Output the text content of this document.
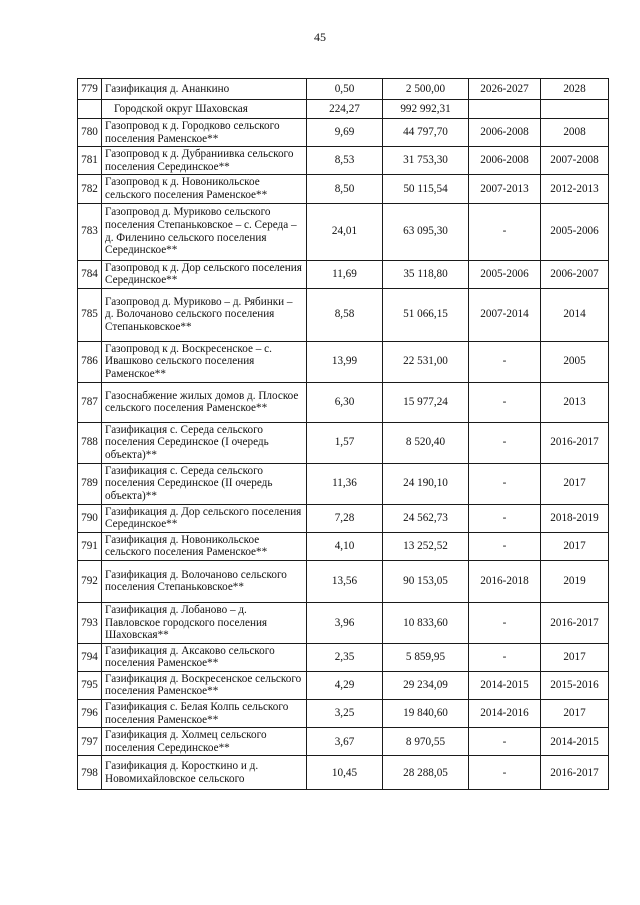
45
779	Газификация д. Ананкино	0,50	2 500,00	2026-2027	2028
	Городской округ Шаховская	224,27	992 992,31		
780	Газопровод к д. Городково сельского поселения Раменское**	9,69	44 797,70	2006-2008	2008
781	Газопровод к д. Дубраниивка сельского поселения Серединское**	8,53	31 753,30	2006-2008	2007-2008
782	Газопровод к д. Новоникольское сельского поселения Раменское**	8,50	50 115,54	2007-2013	2012-2013
783	Газопровод д. Муриково сельского поселения Степаньковское – с. Середа – д. Филенино сельского поселения Серединское**	24,01	63 095,30	-	2005-2006
784	Газопровод к д. Дор сельского поселения Серединское**	11,69	35 118,80	2005-2006	2006-2007
785	Газопровод д. Муриково – д. Рябинки – д. Волочаново сельского поселения Степаньковское**	8,58	51 066,15	2007-2014	2014
786	Газопровод к д. Воскресенское – с. Ивашково сельского поселения Раменское**	13,99	22 531,00	-	2005
787	Газоснабжение жилых домов д. Плоское сельского поселения Раменское**	6,30	15 977,24	-	2013
788	Газификация с. Середа сельского поселения Серединское (I очередь объекта)**	1,57	8 520,40	-	2016-2017
789	Газификация с. Середа сельского поселения Серединское (II очередь объекта)**	11,36	24 190,10	-	2017
790	Газификация д. Дор сельского поселения Серединское**	7,28	24 562,73	-	2018-2019
791	Газификация д. Новоникольское сельского поселения Раменское**	4,10	13 252,52	-	2017
792	Газификация д. Волочаново сельского поселения Степаньковское**	13,56	90 153,05	2016-2018	2019
793	Газификация д. Лобаново – д. Павловское городского поселения Шаховская**	3,96	10 833,60	-	2016-2017
794	Газификация д. Аксаково сельского поселения Раменское**	2,35	5 859,95	-	2017
795	Газификация д. Воскресенское сельского поселения Раменское**	4,29	29 234,09	2014-2015	2015-2016
796	Газификация с. Белая Колпь сельского поселения Раменское**	3,25	19 840,60	2014-2016	2017
797	Газификация д. Холмец сельского поселения Серединское**	3,67	8 970,55	-	2014-2015
798	Газификация д. Коросткино и д. Новомихайловское сельского	10,45	28 288,05	-	2016-2017
